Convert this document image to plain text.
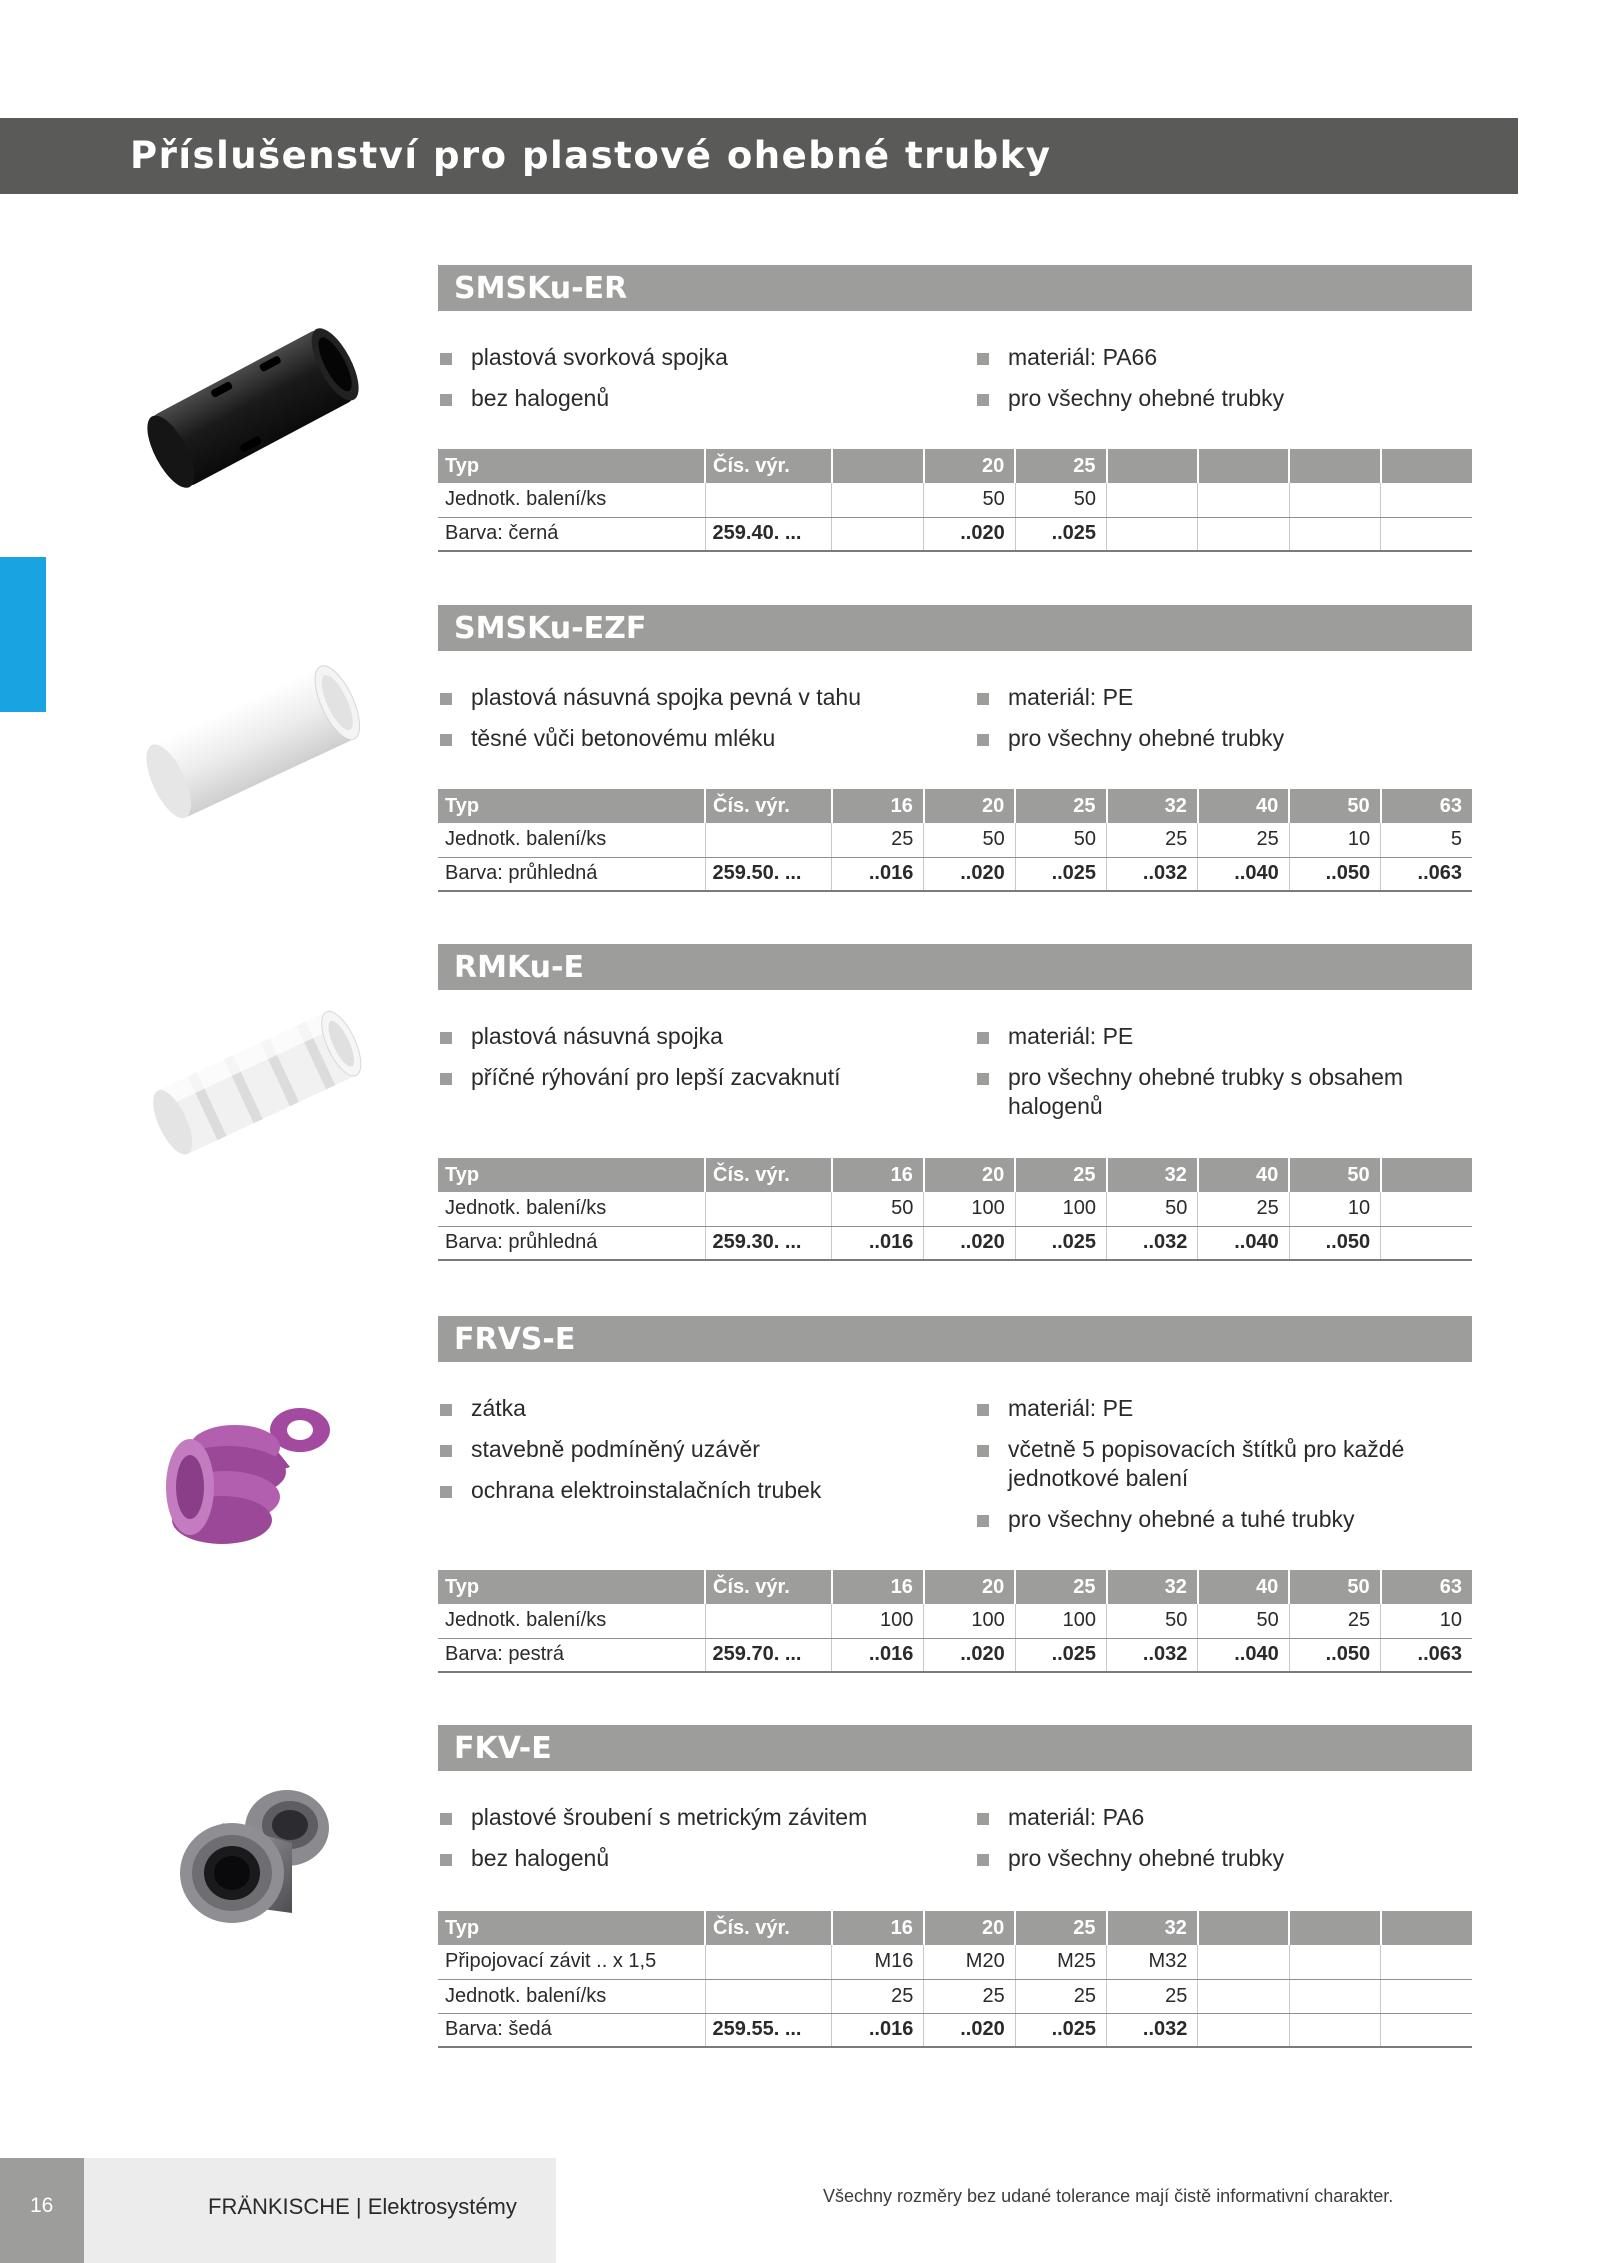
Příslušenství pro plastové ohebné trubky
SMSKu-ER
plastová svorková spojka
bez halogenů
materiál: PA66
pro všechny ohebné trubky
Typ	Čís. výr.		20	25				
Jednotk. balení/ks			50	50				
Barva: černá	259.40. ...		..020	..025				
SMSKu-EZF
plastová násuvná spojka pevná v tahu
těsné vůči betonovému mléku
materiál: PE
pro všechny ohebné trubky
Typ	Čís. výr.	16	20	25	32	40	50	63
Jednotk. balení/ks		25	50	50	25	25	10	5
Barva: průhledná	259.50. ...	..016	..020	..025	..032	..040	..050	..063
RMKu-E
plastová násuvná spojka
příčné rýhování pro lepší zacvaknutí
materiál: PE
pro všechny ohebné trubky s obsahem halogenů
Typ	Čís. výr.	16	20	25	32	40	50	
Jednotk. balení/ks		50	100	100	50	25	10	
Barva: průhledná	259.30. ...	..016	..020	..025	..032	..040	..050	
FRVS-E
zátka
stavebně podmíněný uzávěr
ochrana elektroinstalačních trubek
materiál: PE
včetně 5 popisovacích štítků pro každé jednotkové balení
pro všechny ohebné a tuhé trubky
Typ	Čís. výr.	16	20	25	32	40	50	63
Jednotk. balení/ks		100	100	100	50	50	25	10
Barva: pestrá	259.70. ...	..016	..020	..025	..032	..040	..050	..063
FKV-E
plastové šroubení s metrickým závitem
bez halogenů
materiál: PA6
pro všechny ohebné trubky
Typ	Čís. výr.	16	20	25	32			
Připojovací závit .. x 1,5		M16	M20	M25	M32			
Jednotk. balení/ks		25	25	25	25			
Barva: šedá	259.55. ...	..016	..020	..025	..032			
16	FRÄNKISCHE | Elektrosystémy	Všechny rozměry bez udané tolerance mají čistě informativní charakter.
